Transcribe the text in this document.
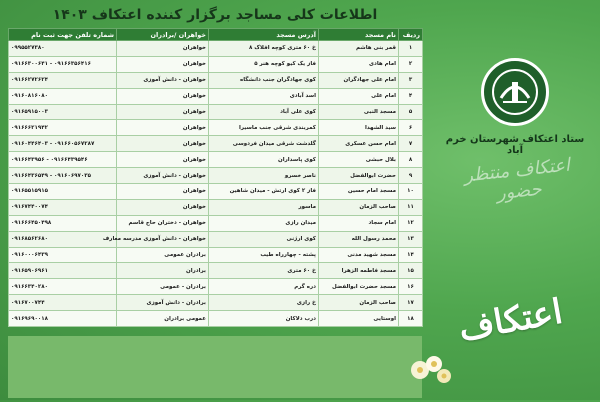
اطلاعات کلی مساجد برگزار کننده اعتکاف ۱۴۰۳
ردیف	نام مسجد	آدرس مسجد	خواهران /برادران	شماره تلفن جهت ثبت نام
۱	قمر بنی هاشم	خ ۶۰ متری کوچه افلاک ۸	خواهران	۰۹۹۵۵۲۷۳۸۰
۲	امام هادی	فاز یک کیو کوچه هنر ۵	خواهران	۰۹۱۶۶۳۰۰۶۴۱ - ۰۹۱۶۶۳۵۶۴۱۶
۳	امام علی جهادگران	کوی جهادگران جنب دانشگاه	خواهران - دانش آموزی	۰۹۱۶۶۲۷۲۶۲۴
۴	امام علی	اسد آبادی	خواهران	۰۹۱۶۰۸۱۶۰۸۰
۵	مسجد النبی	کوی علی آباد	خواهران	۰۹۱۶۵۹۱۵۰۰۳
۶	سید الشهدا	کمربندی شرقی جنب ماسیرا	خواهران	۰۹۱۶۶۶۲۱۹۴۲
۷	امام حسن عسکری	گلدشت شرقی میدان فردوسی	خواهران	۰۹۱۶۰۴۴۶۴۰۳ - ۰۹۱۶۶۰۵۶۷۲۸۷
۸	بلال حبشی	کوی پاسداران	خواهران	۰۹۱۶۶۴۳۹۵۶ - ۰۹۱۶۶۴۳۹۵۴۶
۹	حضرت ابوالفضل	ناصر خسرو	خواهران - دانش آموزی	۰۹۱۶۶۴۳۶۵۴۹ - ۰۹۱۶۰۶۹۷۰۳۵
۱۰	مسجد امام حسین	فاز ۲ کوی ارتش - میدان شاهین	خواهران	۰۹۱۶۵۵۱۵۹۱۵
۱۱	صاحب الزمان	ماسور	خواهران	۰۹۱۶۷۴۴۰۰۷۴
۱۲	امام سجاد	میدان رازی	خواهران - دختران حاج قاسم	۰۹۱۶۶۶۴۵۰۴۹۸
۱۳	محمد رسول الله	کوی ارژنی	خواهران - دانش آموزی مدرسه معارف	۰۹۱۶۸۵۶۲۶۸۰
۱۴	مسجد شهید مدنی	پشته - چهارراه طیب	برادران عمومی	۰۹۱۶۰۰۰۶۴۳۹
۱۵	مسجد فاطمه الزهرا	خ ۶۰ متری	برادران	۰۹۱۶۵۹۰۶۹۶۱
۱۶	مسجد حضرت ابوالفضل	دره گرم	برادران - عمومی	۰۹۱۶۶۳۴۰۲۸۰
۱۷	صاحب الزمان	خ رازی	برادران - دانش آموزی	۰۹۱۶۷۰۰۷۴۴
۱۸	اوستایی	درب دلاکان	عمومی برادران	۰۹۱۶۹۶۹۰۰۱۸
ستاد اعتکاف شهرستان خرم آباد
اعتکاف منتظر حضور
اعتکاف
